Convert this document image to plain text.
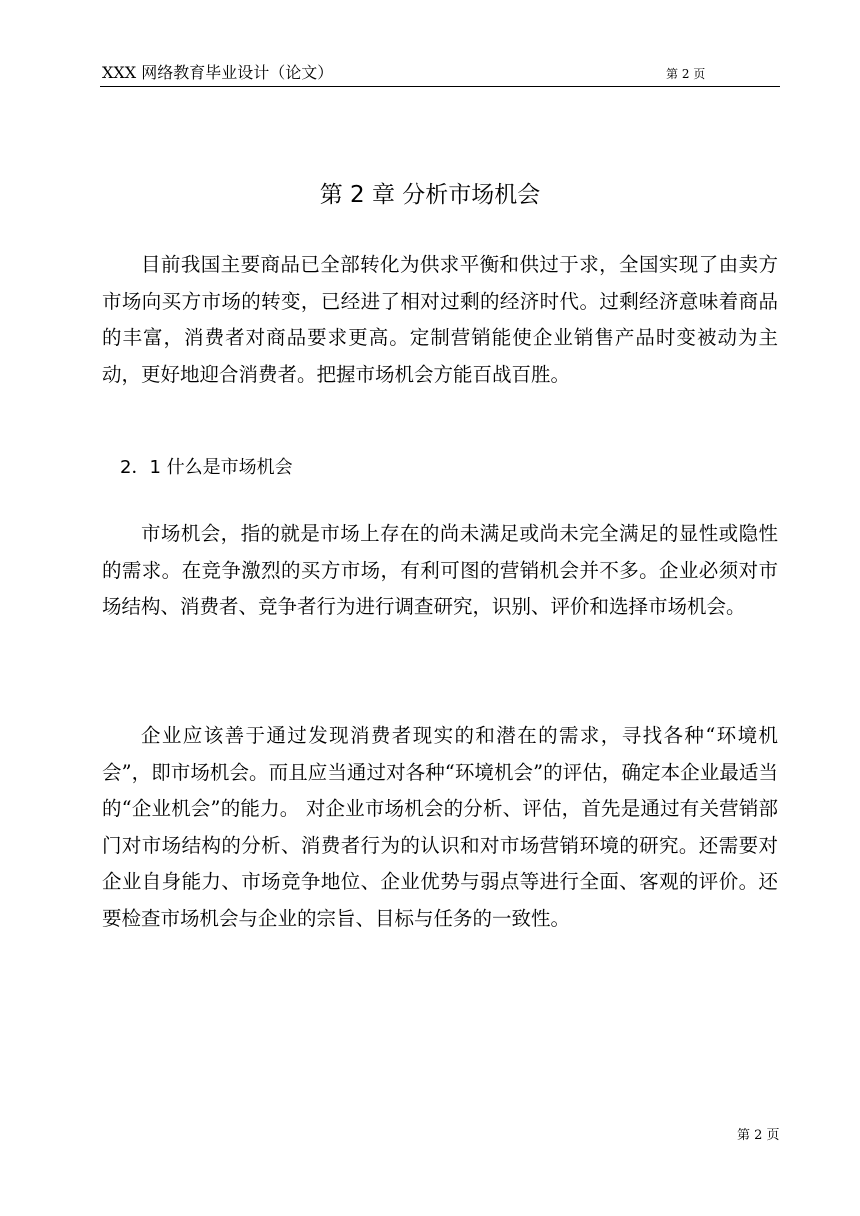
XXX 网络教育毕业设计（论文）	第 2 页
第 2 章 分析市场机会

目前我国主要商品已全部转化为供求平衡和供过于求，全国实现了由卖方市场向买方市场的转变，已经进了相对过剩的经济时代。过剩经济意味着商品的丰富，消费者对商品要求更高。定制营销能使企业销售产品时变被动为主动，更好地迎合消费者。把握市场机会方能百战百胜。

2．1 什么是市场机会

市场机会，指的就是市场上存在的尚未满足或尚未完全满足的显性或隐性的需求。在竞争激烈的买方市场，有利可图的营销机会并不多。企业必须对市场结构、消费者、竞争者行为进行调查研究，识别、评价和选择市场机会。

企业应该善于通过发现消费者现实的和潜在的需求，寻找各种“环境机会”，即市场机会。而且应当通过对各种“环境机会”的评估，确定本企业最适当的“企业机会”的能力。 对企业市场机会的分析、评估，首先是通过有关营销部门对市场结构的分析、消费者行为的认识和对市场营销环境的研究。还需要对企业自身能力、市场竞争地位、企业优势与弱点等进行全面、客观的评价。还要检查市场机会与企业的宗旨、目标与任务的一致性。

第 2 页
